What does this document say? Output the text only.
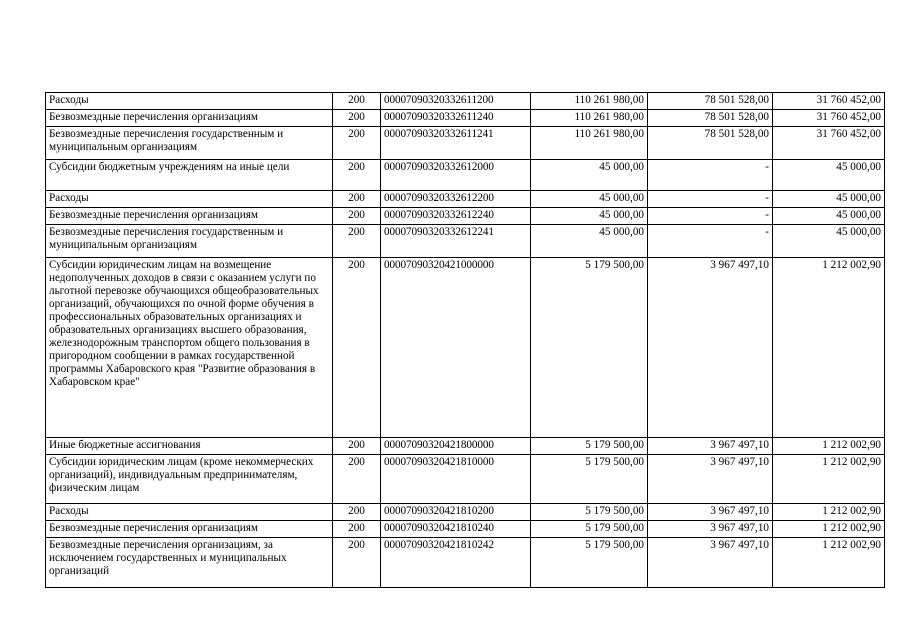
Расходы	200	00007090320332611200	110 261 980,00	78 501 528,00	31 760 452,00
Безвозмездные перечисления организациям	200	00007090320332611240	110 261 980,00	78 501 528,00	31 760 452,00
Безвозмездные перечисления государственным и муниципальным организациям	200	00007090320332611241	110 261 980,00	78 501 528,00	31 760 452,00
Субсидии бюджетным учреждениям на иные цели	200	00007090320332612000	45 000,00	-	45 000,00
Расходы	200	00007090320332612200	45 000,00	-	45 000,00
Безвозмездные перечисления организациям	200	00007090320332612240	45 000,00	-	45 000,00
Безвозмездные перечисления государственным и муниципальным организациям	200	00007090320332612241	45 000,00	-	45 000,00
Субсидии юридическим лицам на возмещение недополученных доходов в связи с оказанием услуги по льготной перевозке обучающихся общеобразовательных организаций, обучающихся по очной форме обучения в профессиональных образовательных организациях и образовательных организациях высшего образования, железнодорожным транспортом общего пользования в пригородном сообщении в рамках государственной программы Хабаровского края "Развитие образования в Хабаровском крае"	200	00007090320421000000	5 179 500,00	3 967 497,10	1 212 002,90
Иные бюджетные ассигнования	200	00007090320421800000	5 179 500,00	3 967 497,10	1 212 002,90
Субсидии юридическим лицам (кроме некоммерческих организаций), индивидуальным предпринимателям, физическим лицам	200	00007090320421810000	5 179 500,00	3 967 497,10	1 212 002,90
Расходы	200	00007090320421810200	5 179 500,00	3 967 497,10	1 212 002,90
Безвозмездные перечисления организациям	200	00007090320421810240	5 179 500,00	3 967 497,10	1 212 002,90
Безвозмездные перечисления организациям, за исключением государственных и муниципальных организаций	200	00007090320421810242	5 179 500,00	3 967 497,10	1 212 002,90
